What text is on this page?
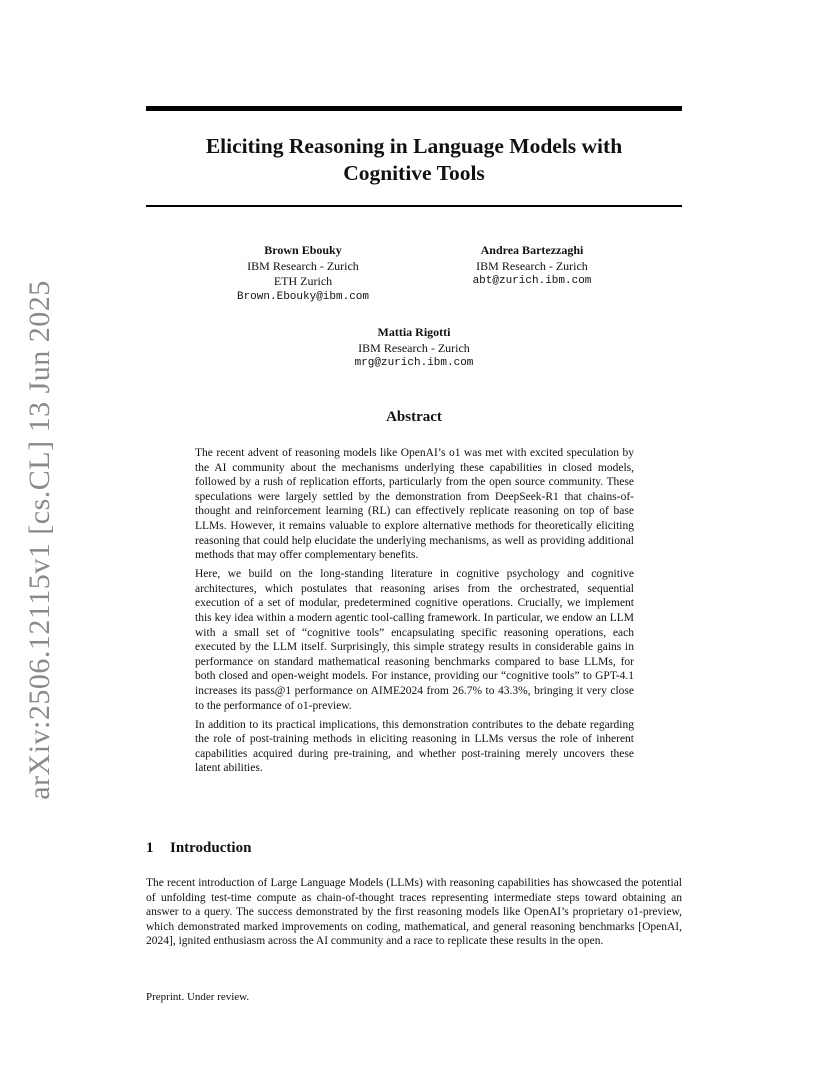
arXiv:2506.12115v1 [cs.CL] 13 Jun 2025
Eliciting Reasoning in Language Models with
Cognitive Tools
Brown Ebouky
IBM Research - Zurich
ETH Zurich
Brown.Ebouky@ibm.com
Andrea Bartezzaghi
IBM Research - Zurich
abt@zurich.ibm.com
Mattia Rigotti
IBM Research - Zurich
mrg@zurich.ibm.com
Abstract

The recent advent of reasoning models like OpenAI’s o1 was met with excited speculation by the AI community about the mechanisms underlying these capabilities in closed models, followed by a rush of replication efforts, particularly from the open source community. These speculations were largely settled by the demonstration from DeepSeek-R1 that chains-of-thought and reinforcement learning (RL) can effectively replicate reasoning on top of base LLMs. However, it remains valuable to explore alternative methods for theoretically eliciting reasoning that could help elucidate the underlying mechanisms, as well as providing additional methods that may offer complementary benefits.

Here, we build on the long-standing literature in cognitive psychology and cognitive architectures, which postulates that reasoning arises from the orchestrated, sequential execution of a set of modular, predetermined cognitive operations. Crucially, we implement this key idea within a modern agentic tool-calling framework. In particular, we endow an LLM with a small set of “cognitive tools” encapsulating specific reasoning operations, each executed by the LLM itself. Surprisingly, this simple strategy results in considerable gains in performance on standard mathematical reasoning benchmarks compared to base LLMs, for both closed and open-weight models. For instance, providing our “cognitive tools” to GPT-4.1 increases its pass@1 performance on AIME2024 from 26.7% to 43.3%, bringing it very close to the performance of o1-preview.

In addition to its practical implications, this demonstration contributes to the debate regarding the role of post-training methods in eliciting reasoning in LLMs versus the role of inherent capabilities acquired during pre-training, and whether post-training merely uncovers these latent abilities.

1 Introduction

The recent introduction of Large Language Models (LLMs) with reasoning capabilities has showcased the potential of unfolding test-time compute as chain-of-thought traces representing intermediate steps toward obtaining an answer to a query. The success demonstrated by the first reasoning models like OpenAI’s proprietary o1-preview, which demonstrated marked improvements on coding, mathematical, and general reasoning benchmarks [OpenAI, 2024], ignited enthusiasm across the AI community and a race to replicate these results in the open.

Preprint. Under review.
